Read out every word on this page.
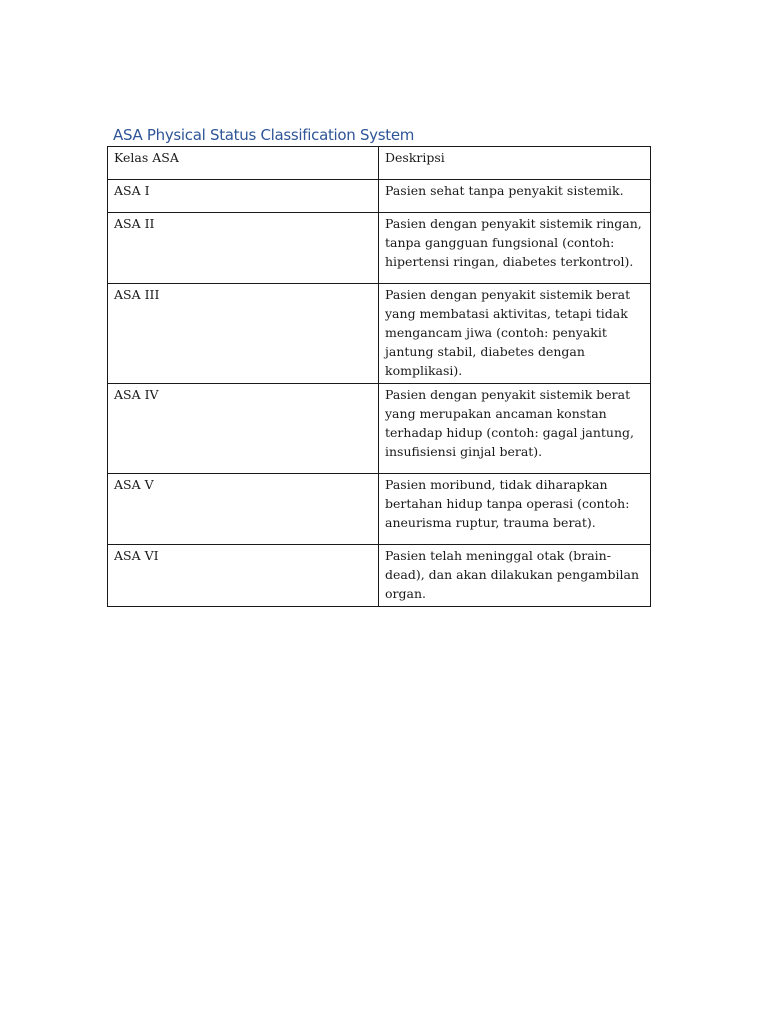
ASA Physical Status Classification System
Kelas ASA	Deskripsi
ASA I	Pasien sehat tanpa penyakit sistemik.
ASA II	Pasien dengan penyakit sistemik ringan, tanpa gangguan fungsional (contoh: hipertensi ringan, diabetes terkontrol).
ASA III	Pasien dengan penyakit sistemik berat yang membatasi aktivitas, tetapi tidak mengancam jiwa (contoh: penyakit jantung stabil, diabetes dengan komplikasi).
ASA IV	Pasien dengan penyakit sistemik berat yang merupakan ancaman konstan terhadap hidup (contoh: gagal jantung, insufisiensi ginjal berat).
ASA V	Pasien moribund, tidak diharapkan bertahan hidup tanpa operasi (contoh: aneurisma ruptur, trauma berat).
ASA VI	Pasien telah meninggal otak (brain-dead), dan akan dilakukan pengambilan organ.
